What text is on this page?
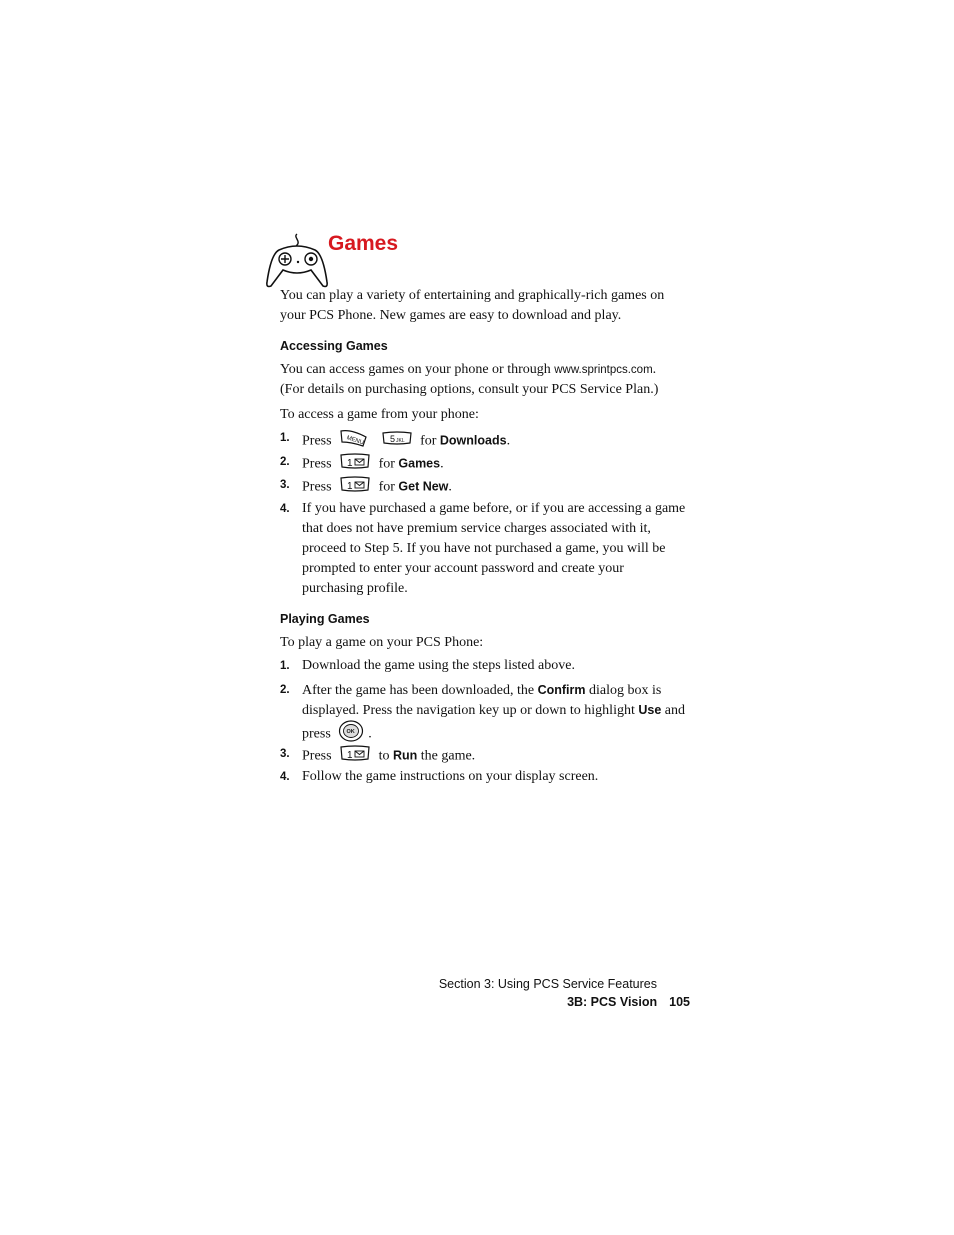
Games
You can play a variety of entertaining and graphically-rich games on
your PCS Phone. New games are easy to download and play.
Accessing Games
You can access games on your phone or through www.sprintpcs.com.
(For details on purchasing options, consult your PCS Service Plan.)
To access a game from your phone:
1. Press MENU
	5 JKL for Downloads.
2. Press 1 for Games.
3. Press 1 for Get New.
4. If you have purchased a game before, or if you are accessing a game
that does not have premium service charges associated with it,
proceed to Step 5. If you have not purchased a game, you will be
prompted to enter your account password and create your
purchasing profile.
Playing Games
To play a game on your PCS Phone:
1. Download the game using the steps listed above.
2. After the game has been downloaded, the Confirm dialog box is
displayed. Press the navigation key up or down to highlight Use and
press	OK .
3. Press 1 to Run the game.
4. Follow the game instructions on your display screen.
Section 3: Using PCS Service Features
3B: PCS Vision 105
